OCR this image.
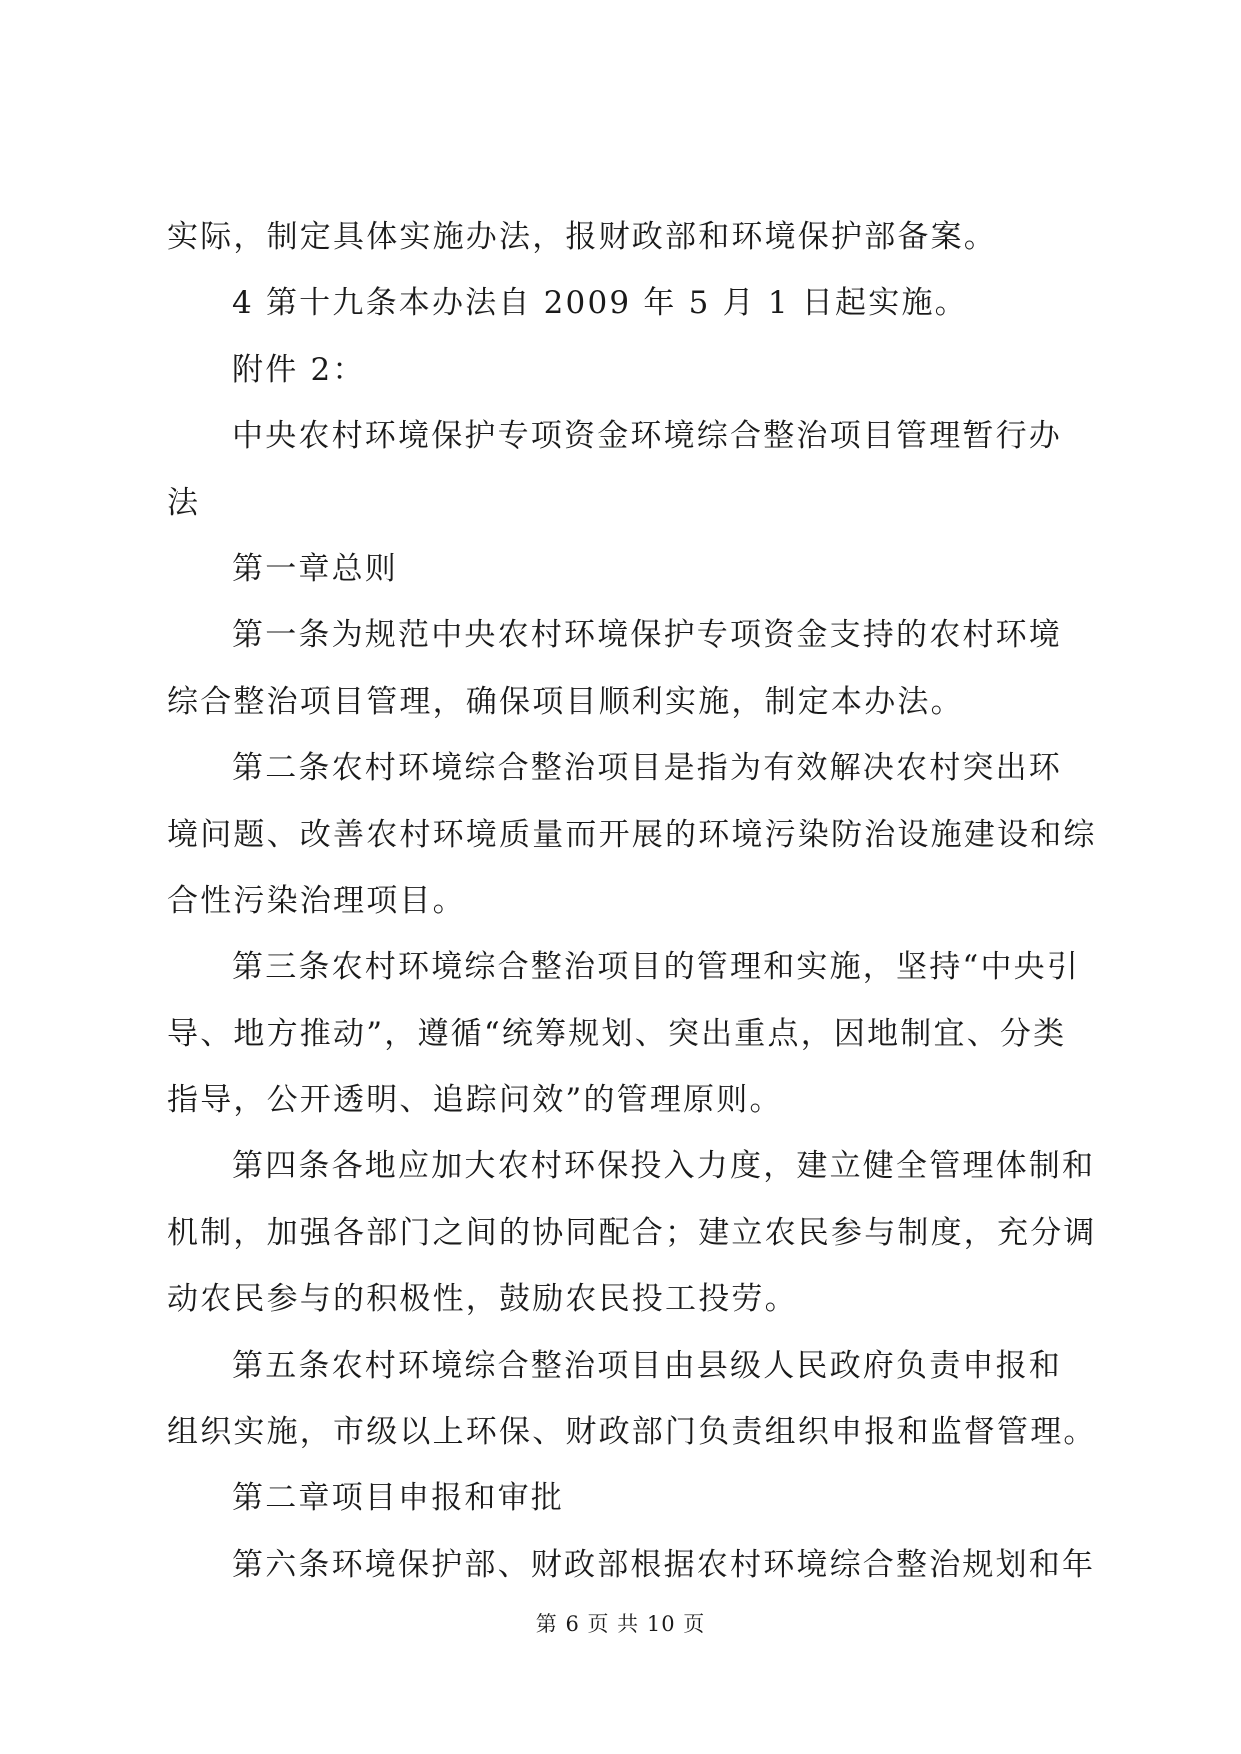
实际，制定具体实施办法，报财政部和环境保护部备案。
4 第十九条本办法自 2009 年 5 月 1 日起实施。
附件 2：
中央农村环境保护专项资金环境综合整治项目管理暂行办
法
第一章总则
第一条为规范中央农村环境保护专项资金支持的农村环境
综合整治项目管理，确保项目顺利实施，制定本办法。
第二条农村环境综合整治项目是指为有效解决农村突出环
境问题、改善农村环境质量而开展的环境污染防治设施建设和综
合性污染治理项目。
第三条农村环境综合整治项目的管理和实施，坚持“中央引
导、地方推动”，遵循“统筹规划、突出重点，因地制宜、分类
指导，公开透明、追踪问效”的管理原则。
第四条各地应加大农村环保投入力度，建立健全管理体制和
机制，加强各部门之间的协同配合；建立农民参与制度，充分调
动农民参与的积极性，鼓励农民投工投劳。
第五条农村环境综合整治项目由县级人民政府负责申报和
组织实施，市级以上环保、财政部门负责组织申报和监督管理。
第二章项目申报和审批
第六条环境保护部、财政部根据农村环境综合整治规划和年
第 6 页 共 10 页
